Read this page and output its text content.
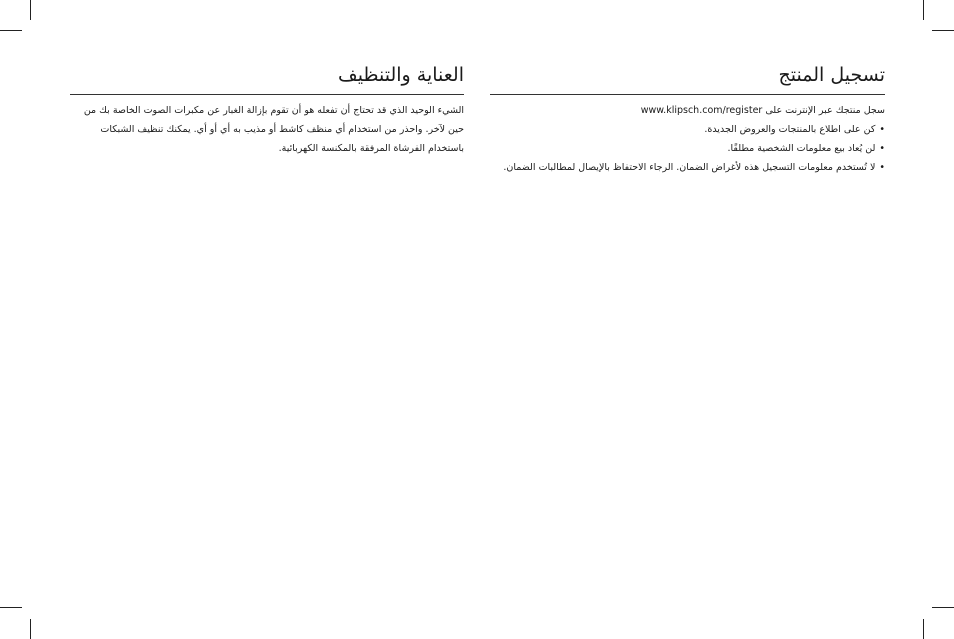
تسجيل المنتج

سجل منتجك عبر الإنترنت على www.klipsch.com/register

•كن على اطلاع بالمنتجات والعروض الجديدة.
•لن يُعاد بيع معلومات الشخصية مطلقًا.
•لا تُستخدم معلومات التسجيل هذه لأغراض الضمان. الرجاء الاحتفاظ بالإيصال لمطالبات الضمان.
العناية والتنظيف

الشيء الوحيد الذي قد تحتاج أن تفعله هو أن تقوم بإزالة الغبار عن مكبرات الصوت الخاصة بك من حين لآخر. واحذر من استخدام أي منظف كاشط أو مذيب به أي أو أي. يمكنك تنظيف الشبكات باستخدام الفرشاة المرفقة بالمكنسة الكهربائية.
